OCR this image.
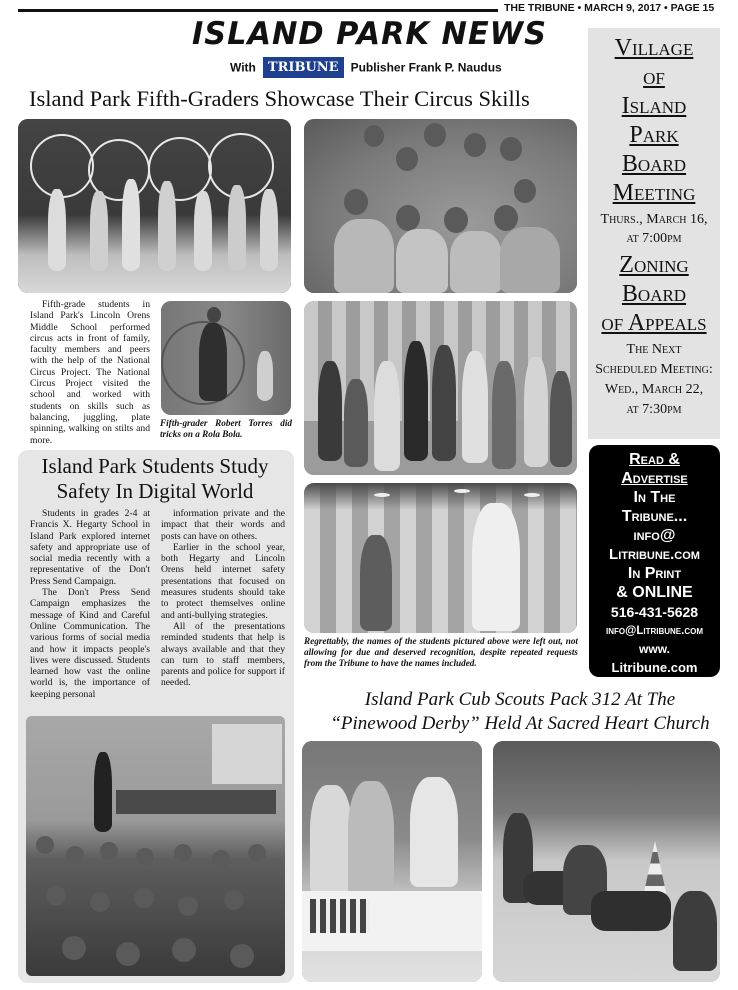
THE TRIBUNE • MARCH 9, 2017 • PAGE 15
ISLAND PARK NEWS
With TRIBUNE Publisher Frank P. Naudus
Island Park Fifth-Graders Showcase Their Circus Skills
Fifth-grade students in Island Park's Lincoln Orens Middle School performed circus acts in front of family, faculty members and peers with the help of the National Circus Project. The National Circus Project visited the school and worked with students on skills such as balancing, juggling, plate spinning, walking on stilts and more.
Fifth-grader Robert Torres did tricks on a Rola Bola.
Regrettably, the names of the students pictured above were left out, not allowing for due and deserved recognition, despite repeated requests from the Tribune to have the names included.
Island Park Students Study Safety In Digital World

Students in grades 2-4 at Francis X. Hegarty School in Island Park explored internet safety and appropriate use of social media recently with a representative of the Don't Press Send Campaign.

The Don't Press Send Campaign emphasizes the message of Kind and Careful Online Communication. The various forms of social media and how it impacts people's lives were discussed. Students learned how vast the online world is, the importance of keeping personal

information private and the impact that their words and posts can have on others.

Earlier in the school year, both Hegarty and Lincoln Orens held internet safety presentations that focused on measures students should take to protect themselves online and anti-bullying strategies.

All of the presentations reminded students that help is always available and that they can turn to staff members, parents and police for support if needed.

Island Park Cub Scouts Pack 312 At The
“Pinewood Derby” Held At Sacred Heart Church
Village
of
Island
Park
Board
Meeting
Thurs., March 16,
at 7:00pm
Zoning
Board
of Appeals
The Next
Scheduled Meeting:
Wed., March 22,
at 7:30pm
Read &
Advertise
In The
Tribune...
info@
Litribune.com
In Print
& ONLINE
516-431-5628
info@Litribune.com
www.
Litribune.com
